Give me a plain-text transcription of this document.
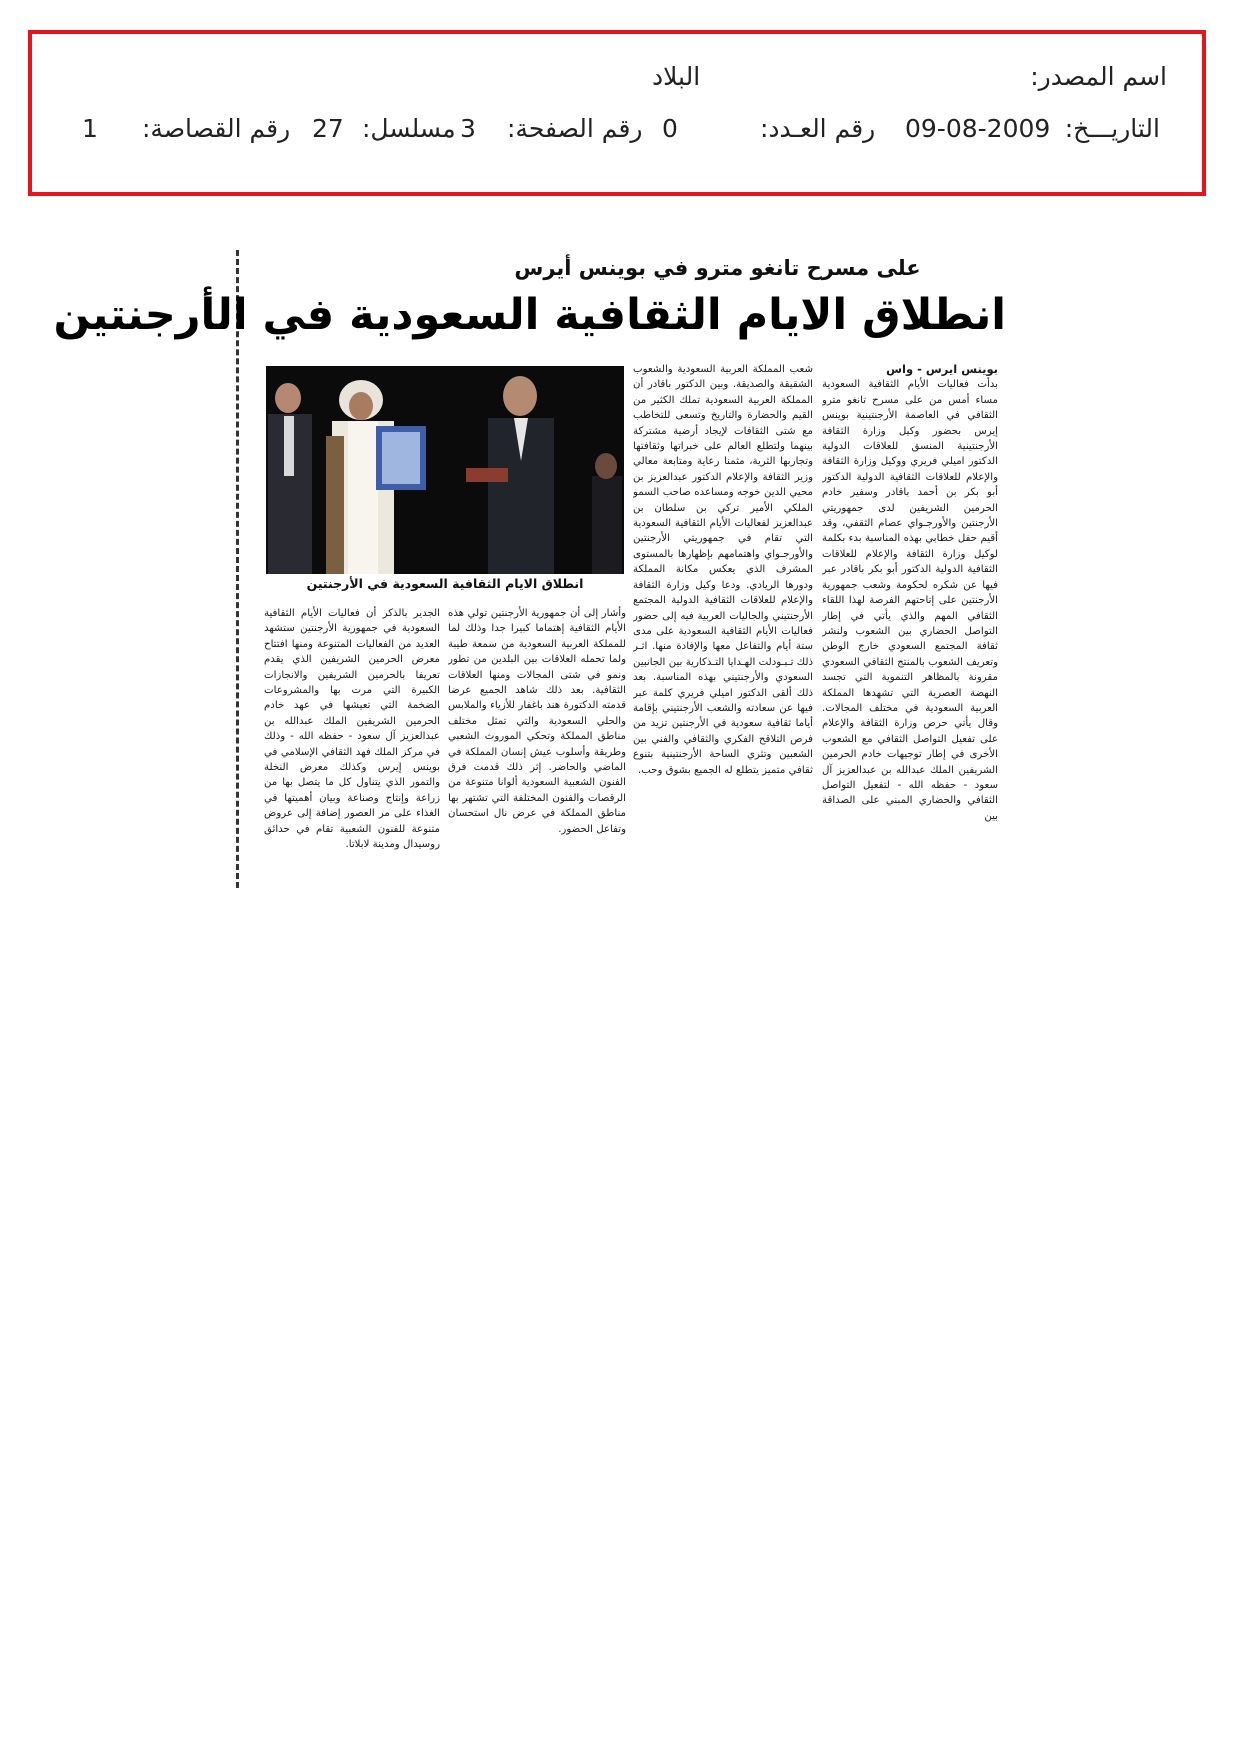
اسم المصدر:
البلاد
التاريـــخ:
09-08-2009
رقم العـدد:
0
رقم الصفحة:
3
مسلسل:
27
رقم القصاصة:
1
على مسرح تانغو مترو في بوينس أيرس
انطلاق الايام الثقافية السعودية في الأرجنتين
بوينس ايرس - واس

بدأت فعاليات الأيام الثقافية السعودية مساء أمس من على مسرح تانغو مترو الثقافي في العاصمة الأرجنتينية بوينس إيرس بحضور وكيل وزارة الثقافة الأرجنتينية المنسق للعلاقات الدولية الدكتور اميلي فريري ووكيل وزارة الثقافة والإعلام للعلاقات الثقافية الدولية الدكتور أبو بكر بن أحمد باقادر وسفير خادم الحرمين الشريفين لدى جمهوريتي الأرجنتين والأورجـواي عصام الثقفي، وقد أقيم حفل خطابي بهذه المناسبة بدء بكلمة لوكيل وزارة الثقافة والإعلام للعلاقات الثقافية الدولية الدكتور أبو بكر باقادر عبر فيها عن شكره لحكومة وشعب جمهورية الأرجنتين على إتاحتهم الفرصة لهذا اللقاء الثقافي المهم والذي يأتي في إطار التواصل الحضاري بين الشعوب ولنشر ثقافة المجتمع السعودي خارج الوطن وتعريف الشعوب بالمنتج الثقافي السعودي مقرونة بالمظاهر التنموية التي تجسد النهضة العصرية التي تشهدها المملكة العربية السعودية في مختلف المجالات. وقال يأتي حرص وزارة الثقافة والإعلام على تفعيل التواصل الثقافي مع الشعوب الأخرى في إطار توجيهات خادم الحرمين الشريفين الملك عبدالله بن عبدالعزيز آل سعود - حفظه الله - لتفعيل التواصل الثقافي والحضاري المبني على الصداقة بين

شعب المملكة العربية السعودية والشعوب الشقيقة والصديقة. وبين الدكتور باقادر أن المملكة العربية السعودية تملك الكثير من القيم والحضارة والتاريخ وتسعى للتخاطب مع شتى الثقافات لإيجاد أرضية مشتركة بينهما ولتطلع العالم على خبراتها وثقافتها وتجاربها الثرية، مثمنا رعاية ومتابعة معالي وزير الثقافة والإعلام الدكتور عبدالعزيز بن محيي الدين خوجه ومساعده صاحب السمو الملكي الأمير تركي بن سلطان بن عبدالعزيز لفعاليات الأيام الثقافية السعودية التي تقام في جمهوريتي الأرجنتين والأورجـواي واهتمامهم بإظهارها بالمستوى المشرف الذي يعكس مكانة المملكة ودورها الريادي. ودعا وكيل وزارة الثقافة والإعلام للعلاقات الثقافية الدولية المجتمع الأرجنتيني والجاليات العربية فيه إلى حضور فعاليات الأيام الثقافية السعودية على مدى ستة أيام والتفاعل معها والإفادة منها. اثـر ذلك تـبـودلت الهـدايا التـذكارية بين الجانبين السعودي والأرجنتيني بهذه المناسبة. بعد ذلك ألقى الدكتور اميلي فريري كلمة عبر فيها عن سعادته والشعب الأرجنتيني بإقامة أياما ثقافية سعودية في الأرجنتين تزيد من فرص التلاقح الفكري والثقافي والفني بين الشعبين وتثري الساحة الأرجنتينية بتنوع ثقافي متميز يتطلع له الجميع بشوق وحب.

انطلاق الايام الثقافية السعودية في الأرجنتين

وأشار إلى أن جمهورية الأرجنتين تولي هذه الأيام الثقافية إهتماما كبيرا جدا وذلك لما للمملكة العربية السعودية من سمعة طيبة ولما تحمله العلاقات بين البلدين من تطور ونمو في شتى المجالات ومنها العلاقات الثقافية. بعد ذلك شاهد الجميع عرضا قدمته الدكتورة هند باغفار للأزياء والملابس والحلي السعودية والتي تمثل مختلف مناطق المملكة وتحكي الموروث الشعبي وطريقة وأسلوب عيش إنسان المملكة في الماضي والحاضر. إثر ذلك قدمت فرق الفنون الشعبية السعودية ألوانا متنوعة من الرقصات والفنون المختلفة التي تشتهر بها مناطق المملكة في عرض نال استحسان وتفاعل الحضور.

الجدير بالذكر أن فعاليات الأيام الثقافية السعودية في جمهورية الأرجنتين ستشهد العديد من الفعاليات المتنوعة ومنها افتتاح معرض الحرمين الشريفين الذي يقدم تعريفا بالحرمين الشريفين والانجازات الكبيرة التي مرت بها والمشروعات الضخمة التي تعيشها في عهد خادم الحرمين الشريفين الملك عبدالله بن عبدالعزيز آل سعود - حفظه الله - وذلك في مركز الملك فهد الثقافي الإسلامي في بوينس إيرس وكذلك معرض النخلة والتمور الذي يتناول كل ما يتصل بها من زراعة وإنتاج وصناعة وبيان أهميتها في الغذاء على مر العصور إضافة إلى عروض متنوعة للفنون الشعبية تقام في حدائق روسيدال ومدينة لابلاتا.
